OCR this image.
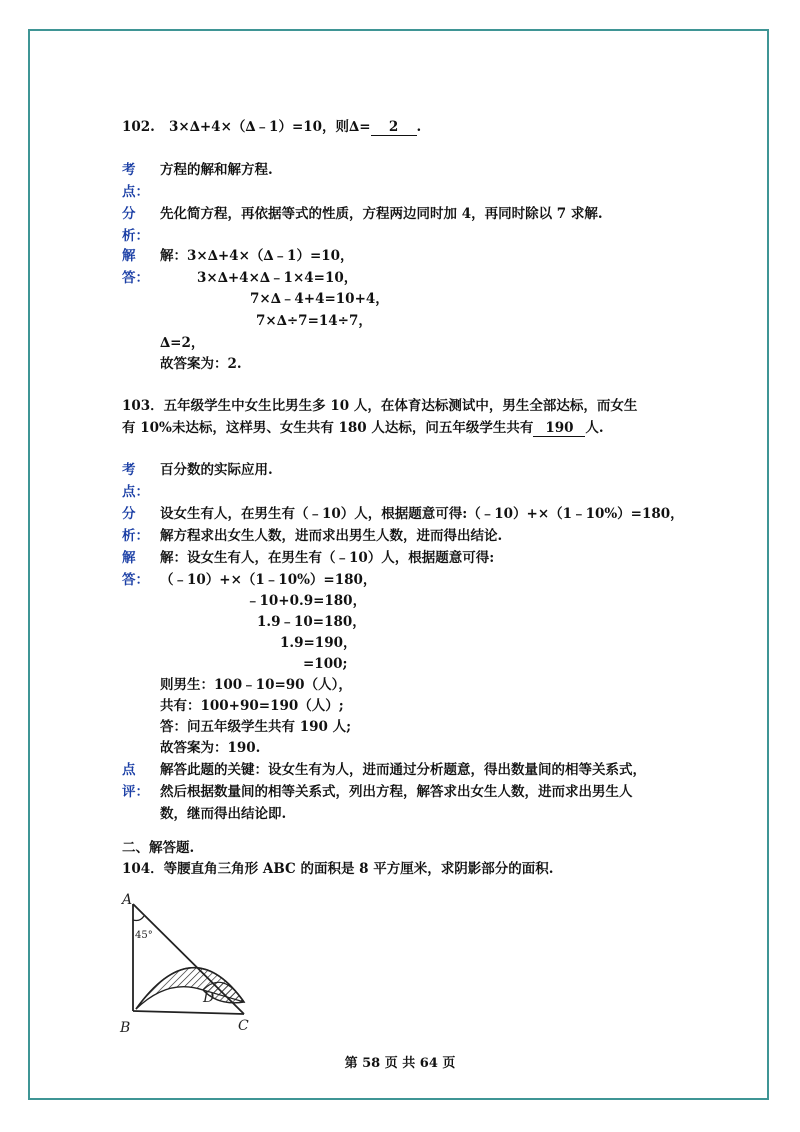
102. 3×∆+4×（∆﹣1）=10，则∆= 2 .
考
点：
方程的解和解方程.
分
析：
先化简方程，再依据等式的性质，方程两边同时加 4，再同时除以 7 求解.
解
答：
解：3×∆+4×（∆﹣1）=10，
3×∆+4×∆﹣1×4=10，
7×∆﹣4+4=10+4，
7×∆÷7=14÷7，
∆=2，
故答案为：2.
103．五年级学生中女生比男生多 10 人，在体育达标测试中，男生全部达标，而女生
有 10%未达标，这样男、女生共有 180 人达标，问五年级学生共有 190 人.
考
点：
百分数的实际应用.
分
析：
设女生有人，在男生有（﹣10）人，根据题意可得:（﹣10）+×（1﹣10%）=180，
解方程求出女生人数，进而求出男生人数，进而得出结论.
解
答：
解：设女生有人，在男生有（﹣10）人，根据题意可得:
（﹣10）+×（1﹣10%）=180，
﹣10+0.9=180，
1.9﹣10=180，
1.9=190，
=100;
则男生：100﹣10=90（人），
共有：100+90=190（人）;
答：问五年级学生共有 190 人;
故答案为：190.
点
评：
解答此题的关键：设女生有为人，进而通过分析题意，得出数量间的相等关系式，
然后根据数量间的相等关系式，列出方程，解答求出女生人数，进而求出男生人
数，继而得出结论即.
二、解答题.
104．等腰直角三角形 ABC 的面积是 8 平方厘米，求阴影部分的面积.
A
B	C
D
45°
第 58 页 共 64 页
